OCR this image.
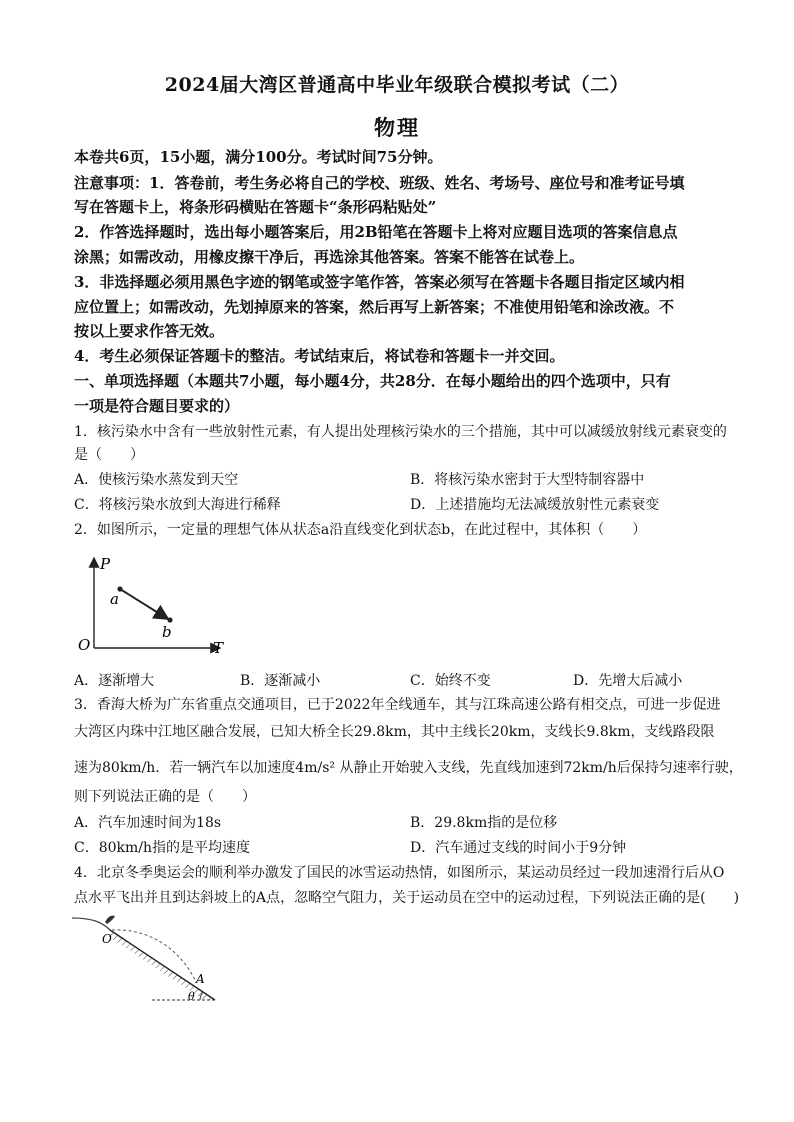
2024届大湾区普通高中毕业年级联合模拟考试（二）
物理
本卷共6页，15小题，满分100分。考试时间75分钟。
注意事项：1．答卷前，考生务必将自己的学校、班级、姓名、考场号、座位号和准考证号填
写在答题卡上，将条形码横贴在答题卡“条形码粘贴处”
2．作答选择题时，选出每小题答案后，用2B铅笔在答题卡上将对应题目选项的答案信息点
涂黑；如需改动，用橡皮擦干净后，再选涂其他答案。答案不能答在试卷上。
3．非选择题必须用黑色字迹的钢笔或签字笔作答，答案必须写在答题卡各题目指定区域内相
应位置上；如需改动，先划掉原来的答案，然后再写上新答案；不准使用铅笔和涂改液。不
按以上要求作答无效。
4．考生必须保证答题卡的整洁。考试结束后，将试卷和答题卡一并交回。
一、单项选择题（本题共7小题，每小题4分，共28分．在每小题给出的四个选项中，只有
一项是符合题目要求的）
1．核污染水中含有一些放射性元素，有人提出处理核污染水的三个措施，其中可以减缓放射线元素衰变的
是（　　）
A．使核污染水蒸发到天空	B．将核污染水密封于大型特制容器中
C．将核污染水放到大海进行稀释	D．上述措施均无法减缓放射性元素衰变
2．如图所示，一定量的理想气体从状态a沿直线变化到状态b，在此过程中，其体积（　　）
P
T
O
a
b
A．逐渐增大	B．逐渐减小	C．始终不变	D．先增大后减小
3．香海大桥为广东省重点交通项目，已于2022年全线通车，其与江珠高速公路有相交点，可进一步促进
大湾区内珠中江地区融合发展，已知大桥全长29.8km，其中主线长20km，支线长9.8km，支线路段限
速为80km/h．若一辆汽车以加速度4m/s² 从静止开始驶入支线，先直线加速到72km/h后保持匀速率行驶，
则下列说法正确的是（　　）
A．汽车加速时间为18s	B．29.8km指的是位移
C．80km/h指的是平均速度	D．汽车通过支线的时间小于9分钟
4．北京冬季奥运会的顺利举办激发了国民的冰雪运动热情，如图所示，某运动员经过一段加速滑行后从O
点水平飞出并且到达斜坡上的A点，忽略空气阻力，关于运动员在空中的运动过程，下列说法正确的是(　　)
O
A
θ
